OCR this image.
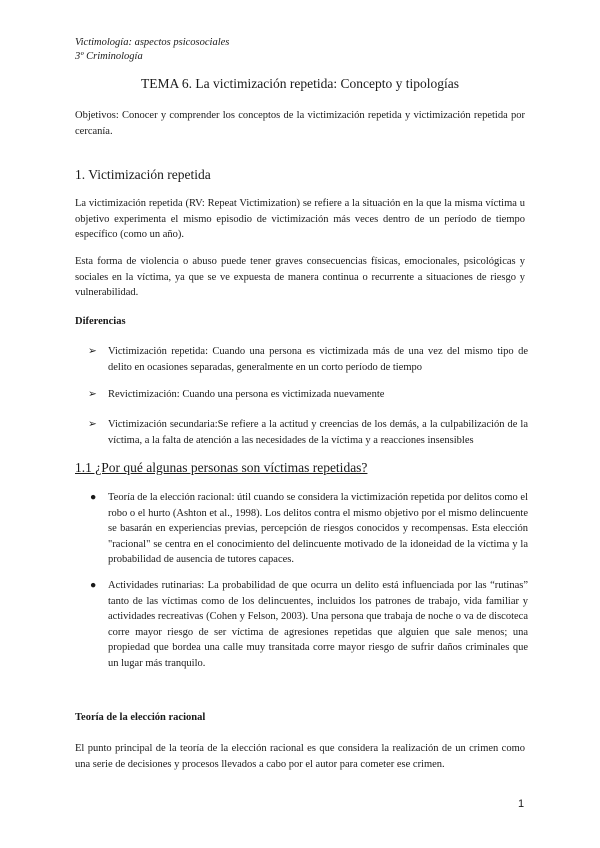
Victimología: aspectos psicosociales
3º Criminología
TEMA 6. La victimización repetida: Concepto y tipologías
Objetivos: Conocer y comprender los conceptos de la victimización repetida y victimización repetida por cercanía.
1. Victimización repetida
La victimización repetida (RV: Repeat Victimization) se refiere a la situación en la que la misma víctima u objetivo experimenta el mismo episodio de victimización más veces dentro de un período de tiempo específico (como un año).
Esta forma de violencia o abuso puede tener graves consecuencias físicas, emocionales, psicológicas y sociales en la víctima, ya que se ve expuesta de manera continua o recurrente a situaciones de riesgo y vulnerabilidad.
Diferencias
➢ Victimización repetida: Cuando una persona es victimizada más de una vez del mismo tipo de delito en ocasiones separadas, generalmente en un corto período de tiempo
➢ Revictimización: Cuando una persona es victimizada nuevamente
➢ Victimización secundaria:Se refiere a la actitud y creencias de los demás, a la culpabilización de la víctima, a la falta de atención a las necesidades de la víctima y a reacciones insensibles
1.1 ¿Por qué algunas personas son víctimas repetidas?
● Teoría de la elección racional: útil cuando se considera la victimización repetida por delitos como el robo o el hurto (Ashton et al., 1998). Los delitos contra el mismo objetivo por el mismo delincuente se basarán en experiencias previas, percepción de riesgos conocidos y recompensas. Esta elección "racional" se centra en el conocimiento del delincuente motivado de la idoneidad de la víctima y la probabilidad de ausencia de tutores capaces.
● Actividades rutinarias: La probabilidad de que ocurra un delito está influenciada por las “rutinas” tanto de las víctimas como de los delincuentes, incluidos los patrones de trabajo, vida familiar y actividades recreativas (Cohen y Felson, 2003). Una persona que trabaja de noche o va de discoteca corre mayor riesgo de ser víctima de agresiones repetidas que alguien que sale menos; una propiedad que bordea una calle muy transitada corre mayor riesgo de sufrir daños criminales que un lugar más tranquilo.
Teoría de la elección racional
El punto principal de la teoría de la elección racional es que considera la realización de un crimen como una serie de decisiones y procesos llevados a cabo por el autor para cometer ese crimen.
1
